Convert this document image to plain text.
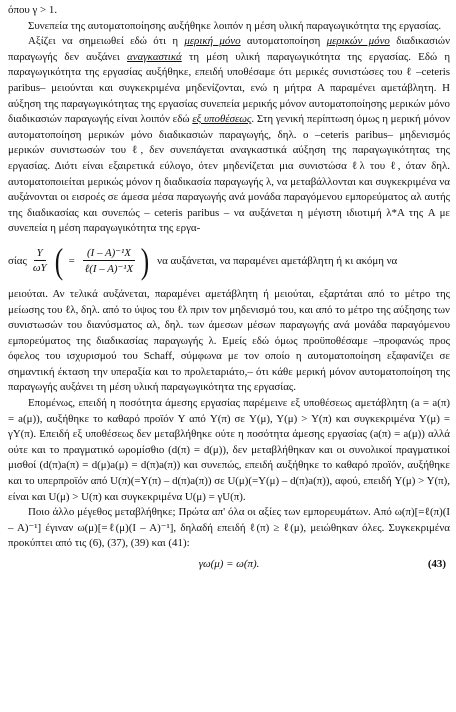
όπου γ > 1.

Συνεπεία της αυτοματοποίησης αυξήθηκε λοιπόν η μέση υλική παραγωγικότητα της εργασίας.

Αξίζει να σημειωθεί εδώ ότι η μερική μόνο αυτοματοποίηση μερικών μόνο διαδικασιών παραγωγής δεν αυξάνει αναγκαστικά τη μέση υλική παραγωγικότητα της εργασίας. Εδώ η παραγωγικότητα της εργασίας αυξήθηκε, επειδή υποθέσαμε ότι μερικές συνιστώσες του ℓ –ceteris paribus– μειούνται και συγκεκριμένα μηδενίζονται, ενώ η μήτρα A παραμένει αμετάβλητη. Η αύξηση της παραγωγικότητας της εργασίας συνεπεία μερικής μόνον αυτοματοποίησης μερικών μόνο διαδικασιών παραγωγής είναι λοιπόν εδώ εξ υποθέσεως. Στη γενική περίπτωση όμως η μερική μόνον αυτοματοποίηση μερικών μόνο διαδικασιών παραγωγής, δηλ. ο –ceteris paribus– μηδενισμός μερικών συνιστωσών του ℓ, δεν συνεπάγεται αναγκαστικά αύξηση της παραγωγικότητας της εργασίας. Διότι είναι εξαιρετικά εύλογο, ότεν μηδενίζεται μια συνιστώσα ℓλ του ℓ, όταν δηλ. αυτοματοποιείται μερικώς μόνον η διαδικασία παραγωγής λ, να μεταβάλλονται και συγκεκριμένα να αυξάνονται οι εισροές σε άμεσα μέσα παραγωγής ανά μονάδα παραγόμενου εμπορεύματος αλ αυτής της διαδικασίας και συνεπώς – ceteris paribus – να αυξάνεται η μέγιστη ιδιοτιμή λ*A της A με συνεπεία η μέση παραγωγικότητα της εργα-

σίας $\frac{Y}{\omega Y}$ ( = $\frac{\text{(I – A)⁻¹X}}{\text{ℓ(I – A)⁻¹X}}$ ) να αυξάνεται, να παραμένει αμετάβλητη ή κι ακόμη να

μειούται. Αν τελικά αυξάνεται, παραμένει αμετάβλητη ή μειούται, εξαρτάται από το μέτρο της μείωσης του ℓλ, δηλ. από το ύψος του ℓλ πριν τον μηδενισμό του, και από το μέτρο της αύξησης των συνιστωσών του διανύσματος αλ, δηλ. των άμεσων μέσων παραγωγής ανά μονάδα παραγόμενου εμπορεύματος της διαδικασίας παραγωγής λ. Εμείς εδώ όμως προϋποθέσαμε –προφανώς προς όφελος του ισχυρισμού του Schaff, σύμφωνα με τον οποίο η αυτοματοποίηση εξαφανίζει σε σημαντική έκταση την υπεραξία και το προλεταριάτο,– ότι κάθε μερική μόνον αυτοματοποίηση της παραγωγής αυξάνει τη μέση υλική παραγωγικότητα της εργασίας.

Επομένως, επειδή η ποσότητα άμεσης εργασίας παρέμεινε εξ υποθέσεως αμετάβλητη (a = a(π) = a(μ)), αυξήθηκε το καθαρό προϊόν Y από Y(π) σε Y(μ), Y(μ) > Y(π) και συγκεκριμένα Y(μ) = γY(π). Επειδή εξ υποθέσεως δεν μεταβλήθηκε ούτε η ποσότητα άμεσης εργασίας (a(π) = a(μ)) αλλά ούτε και το πραγματικό ωρομίσθιο (d(π) = d(μ)), δεν μεταβλήθηκαν και οι συνολικοί πραγματικοί μισθοί (d(π)a(π) = d(μ)a(μ) = d(π)a(π)) και συνεπώς, επειδή αυξήθηκε το καθαρό προϊόν, αυξήθηκε και το υπερπροϊόν από U(π)(=Y(π) – d(π)a(π)) σε U(μ)(=Y(μ) – d(π)a(π)), αφού, επειδή Y(μ) > Y(π), είναι και U(μ) > U(π) και συγκεκριμένα U(μ) = γU(π).

Ποιο άλλο μέγεθος μεταβλήθηκε; Πρώτα απ' όλα οι αξίες των εμπορευμάτων. Από ω(π)[=ℓ(π)(I – A)⁻¹] έγιναν ω(μ)[=ℓ(μ)(I – A)⁻¹], δηλαδή επειδή ℓ(π) ≥ ℓ(μ), μειώθηκαν όλες. Συγκεκριμένα προκύπτει από τις (6), (37), (39) και (41):

γω(μ) = ω(π).	(43)
